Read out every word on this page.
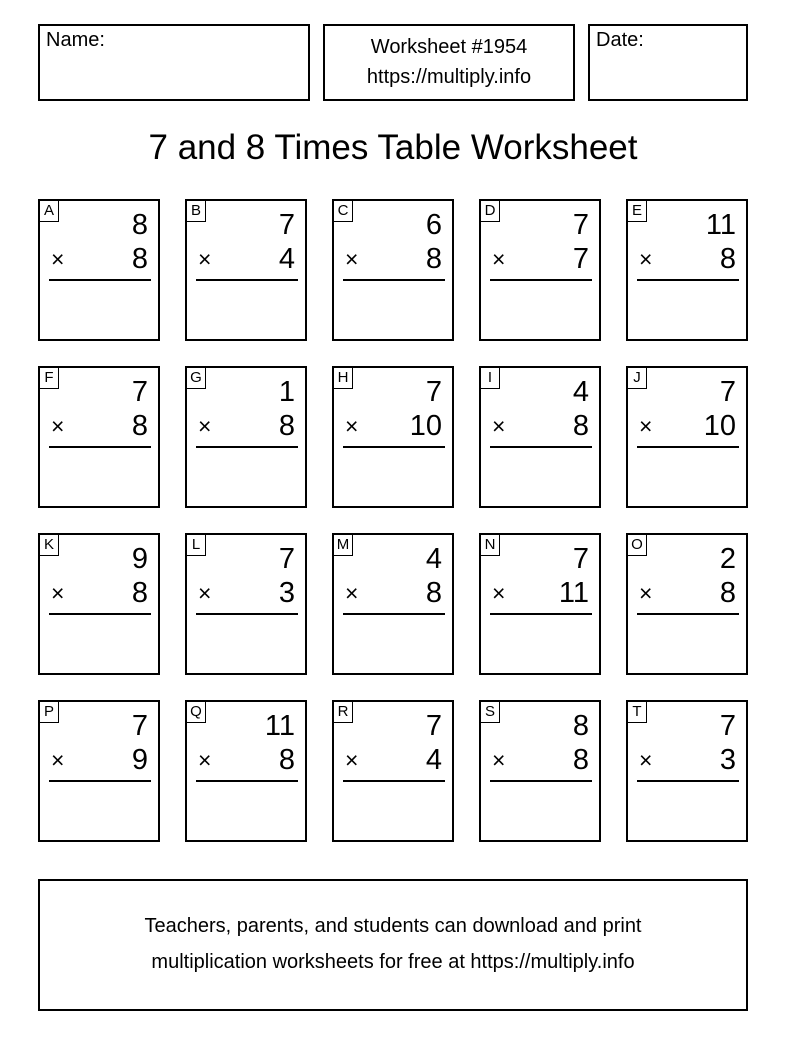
Name:	Worksheet #1954
https://multiply.info
Date:
7 and 8 Times Table Worksheet
A	8
× 8
B	7
× 4
C	6
× 8
D	7
× 7
E 11
× 8
F	7
× 8
G	1
× 8
H	7
× 10
I	4
× 8
J	7
× 10
K	9
× 8
L	7
× 3
M	4
× 8
N	7
× 11
O	2
× 8
P	7
× 9
Q 11
× 8
R	7
× 4
S	8
× 8
T	7
× 3
Teachers, parents, and students can download and print
multiplication worksheets for free at https://multiply.info
